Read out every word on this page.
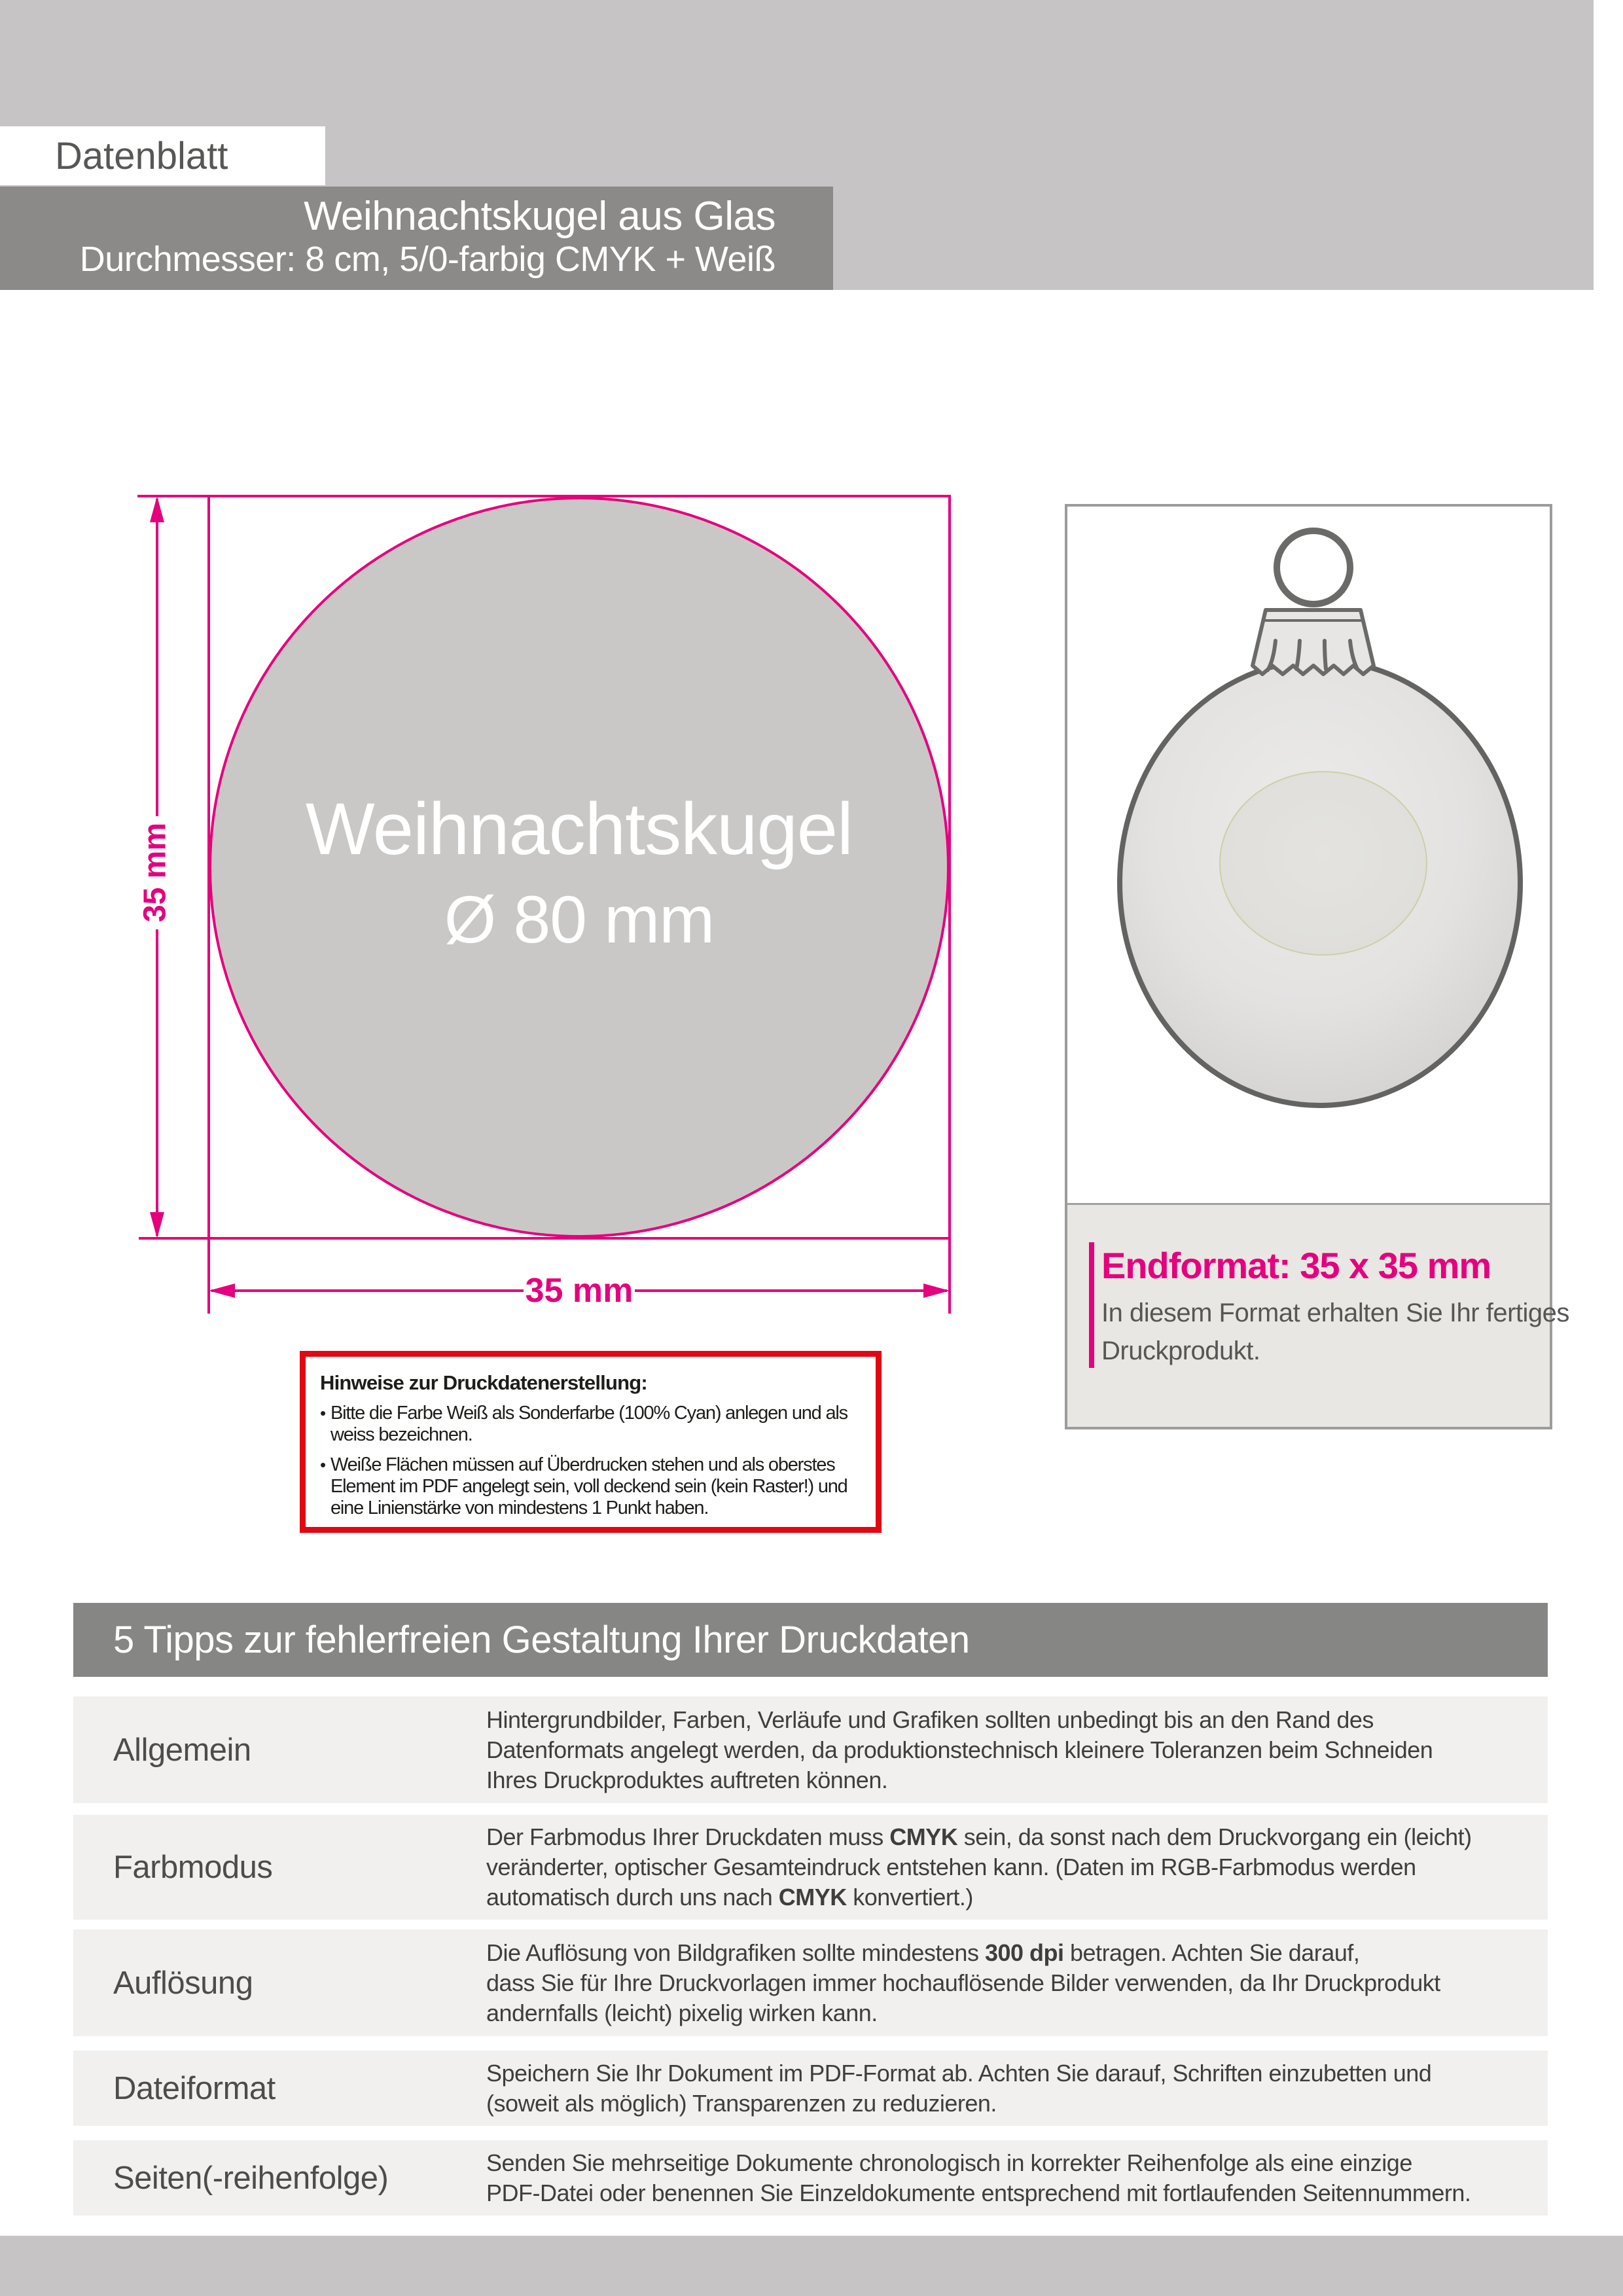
Datenblatt
Weihnachtskugel aus Glas
Durchmesser: 8 cm, 5/0-farbig CMYK + Weiß
35 mm
35 mm
Weihnachtskugel
Ø 80 mm
Hinweise zur Druckdatenerstellung:
• Bitte die Farbe Weiß als Sonderfarbe (100% Cyan) anlegen und als
weiss bezeichnen.
• Weiße Flächen müssen auf Überdrucken stehen und als oberstes
Element im PDF angelegt sein, voll deckend sein (kein Raster!) und
eine Linienstärke von mindestens 1 Punkt haben.
Endformat: 35 x 35 mm
In diesem Format erhalten Sie Ihr fertiges
Druckprodukt.
5 Tipps zur fehlerfreien Gestaltung Ihrer Druckdaten
Allgemein
Hintergrundbilder, Farben, Verläufe und Grafiken sollten unbedingt bis an den Rand des
Datenformats angelegt werden, da produktionstechnisch kleinere Toleranzen beim Schneiden
Ihres Druckproduktes auftreten können.
Farbmodus
Der Farbmodus Ihrer Druckdaten muss CMYK sein, da sonst nach dem Druckvorgang ein (leicht)
veränderter, optischer Gesamteindruck entstehen kann. (Daten im RGB-Farbmodus werden
automatisch durch uns nach CMYK konvertiert.)
Auflösung
Die Auflösung von Bildgrafiken sollte mindestens 300 dpi betragen. Achten Sie darauf,
dass Sie für Ihre Druckvorlagen immer hochauflösende Bilder verwenden, da Ihr Druckprodukt
andernfalls (leicht) pixelig wirken kann.
Dateiformat	Speichern Sie Ihr Dokument im PDF-Format ab. Achten Sie darauf, Schriften einzubetten und
(soweit als möglich) Transparenzen zu reduzieren.
Seiten(-reihenfolge)	Senden Sie mehrseitige Dokumente chronologisch in korrekter Reihenfolge als eine einzige
PDF-Datei oder benennen Sie Einzeldokumente entsprechend mit fortlaufenden Seitennummern.
